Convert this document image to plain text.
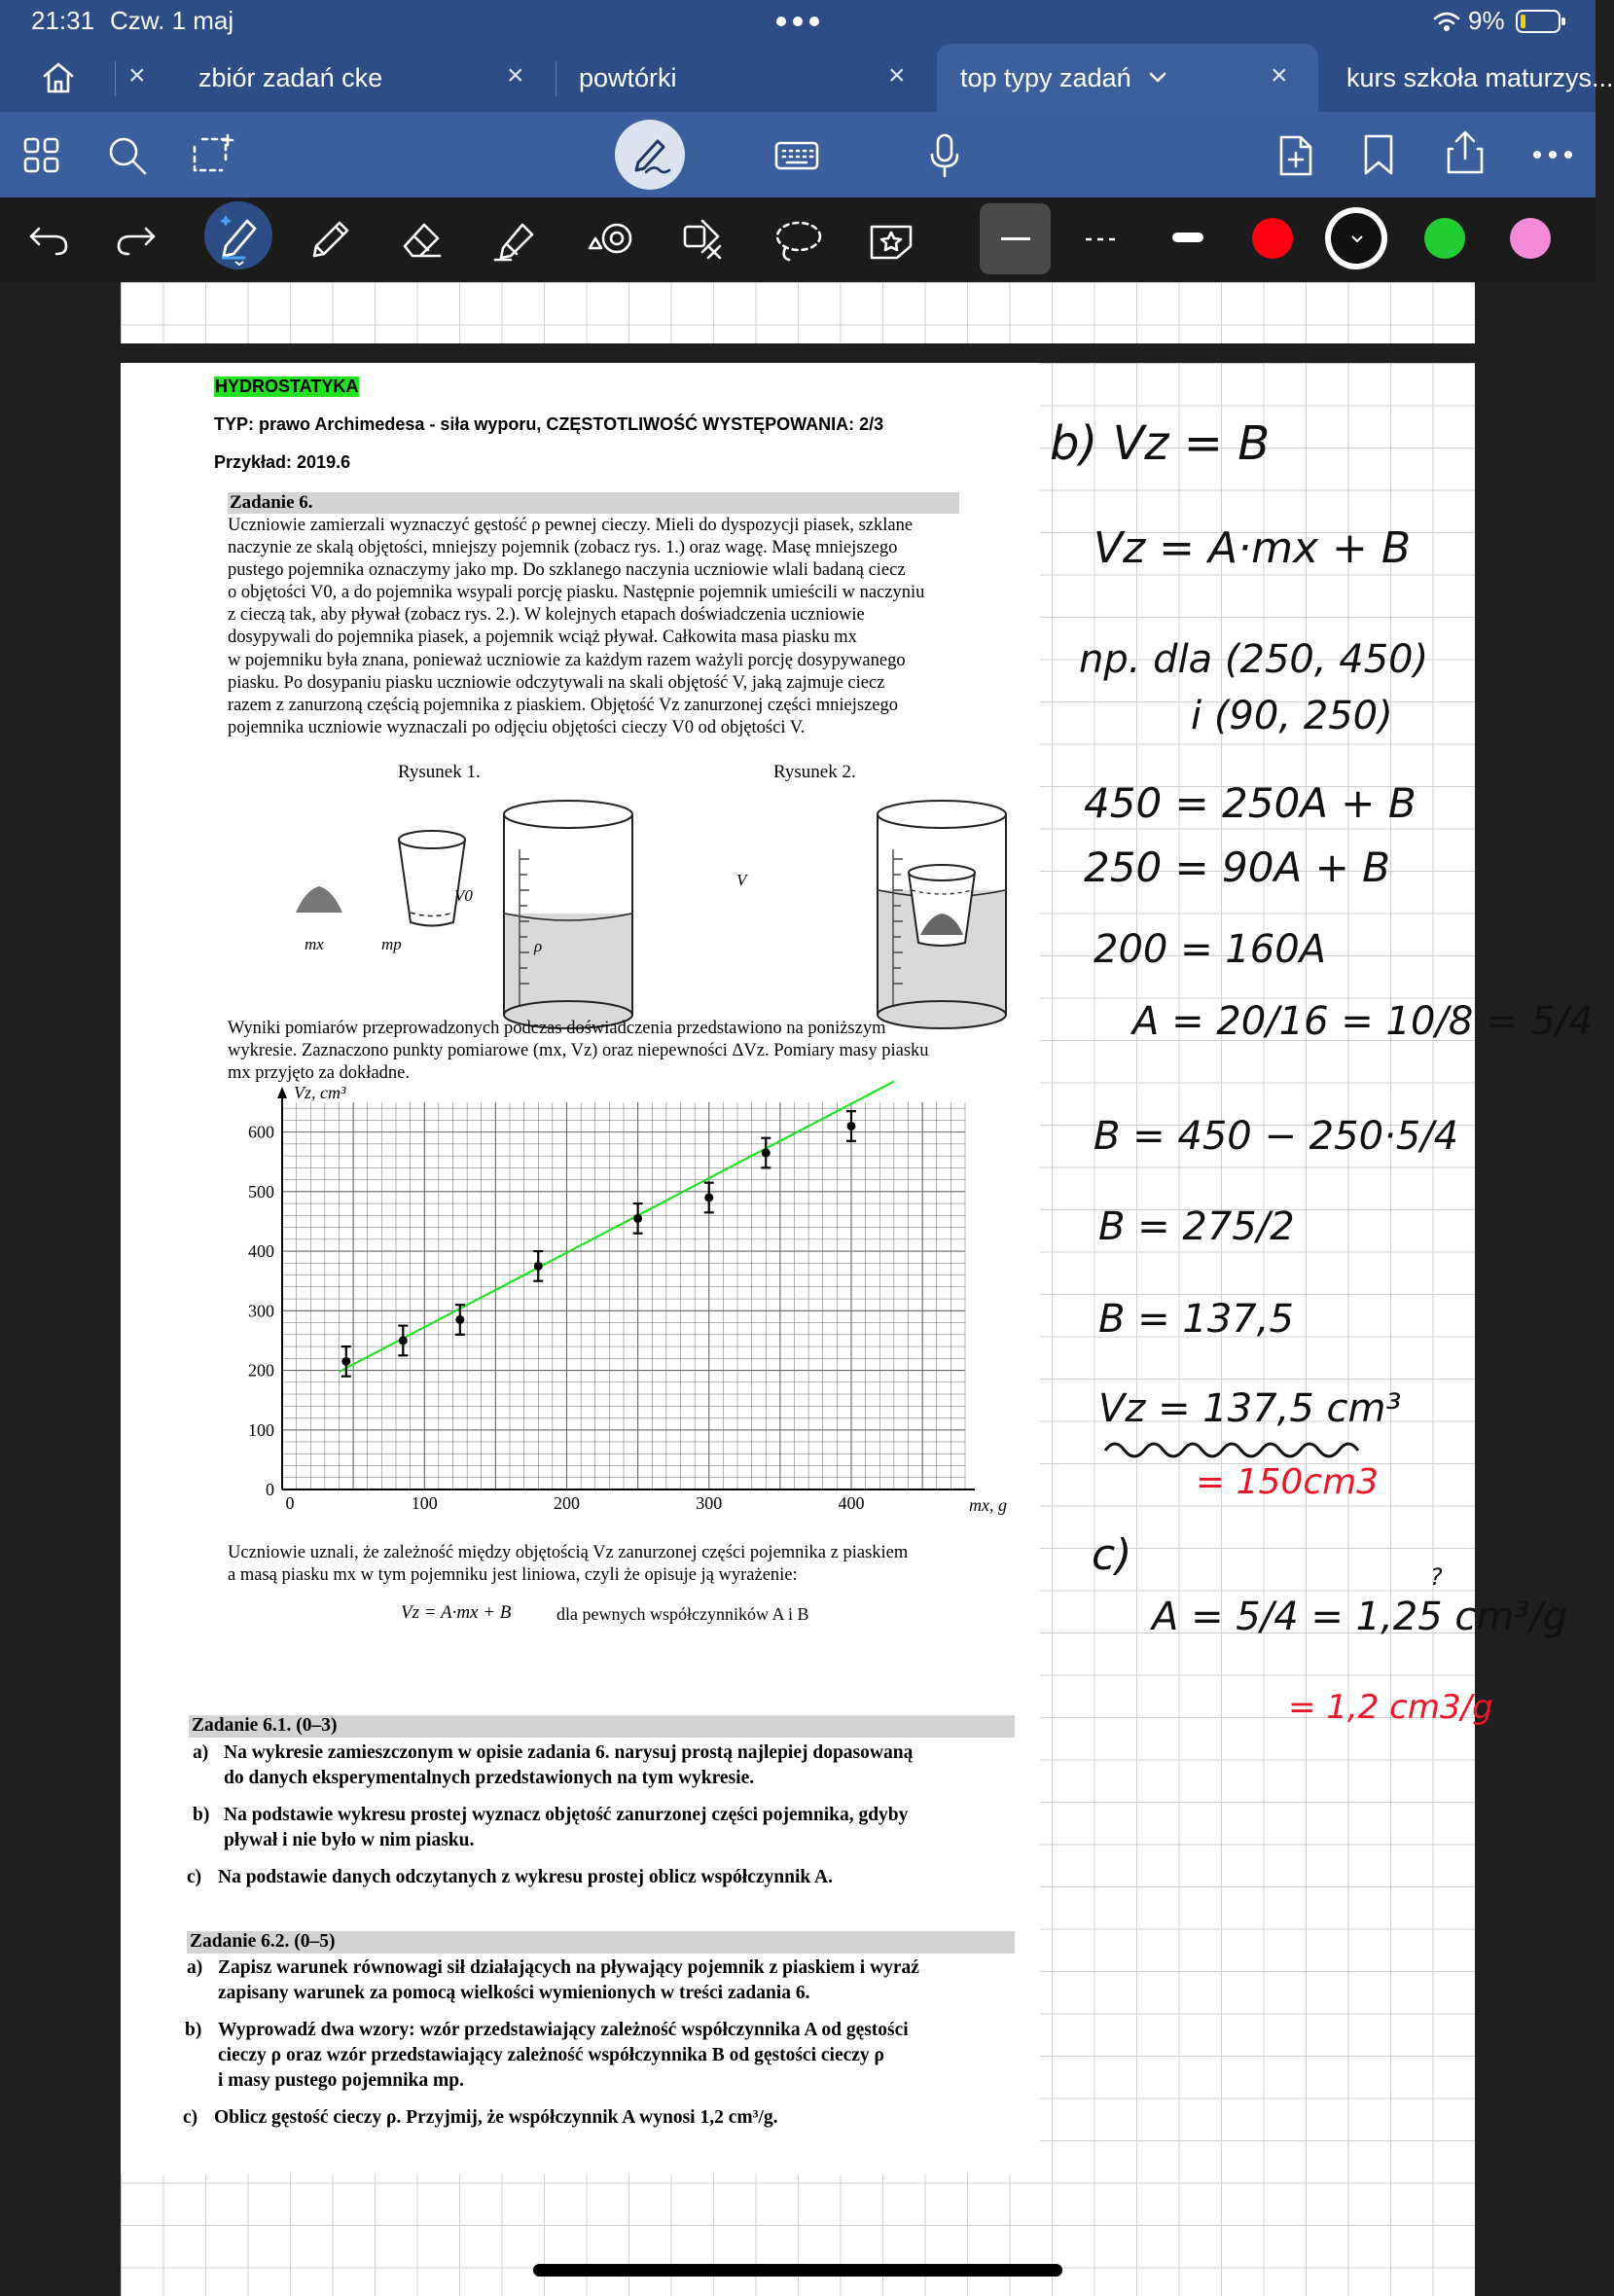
21:31 Czw. 1 maj	9%
× zbiór zadań cke	× powtórki	× top typy zadań	× kurs szkoła maturzys...
HYDROSTATYKA
TYP: prawo Archimedesa - siła wyporu, CZĘSTOTLIWOŚĆ WYSTĘPOWANIA: 2/3
Przykład: 2019.6
Zadanie 6.
Uczniowie zamierzali wyznaczyć gęstość ρ pewnej cieczy. Mieli do dyspozycji piasek, szklane
naczynie ze skalą objętości, mniejszy pojemnik (zobacz rys. 1.) oraz wagę. Masę mniejszego
pustego pojemnika oznaczymy jako mp. Do szklanego naczynia uczniowie wlali badaną ciecz
o objętości V0, a do pojemnika wsypali porcję piasku. Następnie pojemnik umieścili w naczyniu
z cieczą tak, aby pływał (zobacz rys. 2.). W kolejnych etapach doświadczenia uczniowie
dosypywali do pojemnika piasek, a pojemnik wciąż pływał. Całkowita masa piasku mx
w pojemniku była znana, ponieważ uczniowie za każdym razem ważyli porcję dosypywanego
piasku. Po dosypaniu piasku uczniowie odczytywali na skali objętość V, jaką zajmuje ciecz
razem z zanurzoną częścią pojemnika z piaskiem. Objętość Vz zanurzonej części mniejszego
pojemnika uczniowie wyznaczali po odjęciu objętości cieczy V0 od objętości V.
Rysunek 1.	Rysunek 2.
mx	mp
V0
ρ
V
Wyniki pomiarów przeprowadzonych podczas doświadczenia przedstawiono na poniższym
wykresie. Zaznaczono punkty pomiarowe (mx, Vz) oraz niepewności ΔVz. Pomiary masy piasku
mx przyjęto za dokładne.
0	100	200	300	400
0
100
200
300
400
500
600
mx, g
Vz, cm³
Uczniowie uznali, że zależność między objętością Vz zanurzonej części pojemnika z piaskiem
a masą piasku mx w tym pojemniku jest liniowa, czyli że opisuje ją wyrażenie:
Vz = A·mx + B	dla pewnych współczynników A i B
Zadanie 6.1. (0–3)
a) Na wykresie zamieszczonym w opisie zadania 6. narysuj prostą najlepiej dopasowaną
do danych eksperymentalnych przedstawionych na tym wykresie.
b) Na podstawie wykresu prostej wyznacz objętość zanurzonej części pojemnika, gdyby
pływał i nie było w nim piasku.
c) Na podstawie danych odczytanych z wykresu prostej oblicz współczynnik A.
Zadanie 6.2. (0–5)
a) Zapisz warunek równowagi sił działających na pływający pojemnik z piaskiem i wyraź
zapisany warunek za pomocą wielkości wymienionych w treści zadania 6.
b) Wyprowadź dwa wzory: wzór przedstawiający zależność współczynnika A od gęstości
cieczy ρ oraz wzór przedstawiający zależność współczynnika B od gęstości cieczy ρ
i masy pustego pojemnika mp.
c) Oblicz gęstość cieczy ρ. Przyjmij, że współczynnik A wynosi 1,2 cm³/g.
b) Vz = B
Vz = A·mx + B
np. dla (250, 450)
i (90, 250)
450 = 250A + B
250 = 90A + B
200 = 160A
A = 20/16 = 10/8 = 5/4
B = 450 − 250·5/4
B = 275/2
B = 137,5
Vz = 137,5 cm³
= 150cm3
c)
A = 5/4 = 1,25 cm³/g
?
= 1,2 cm3/g
